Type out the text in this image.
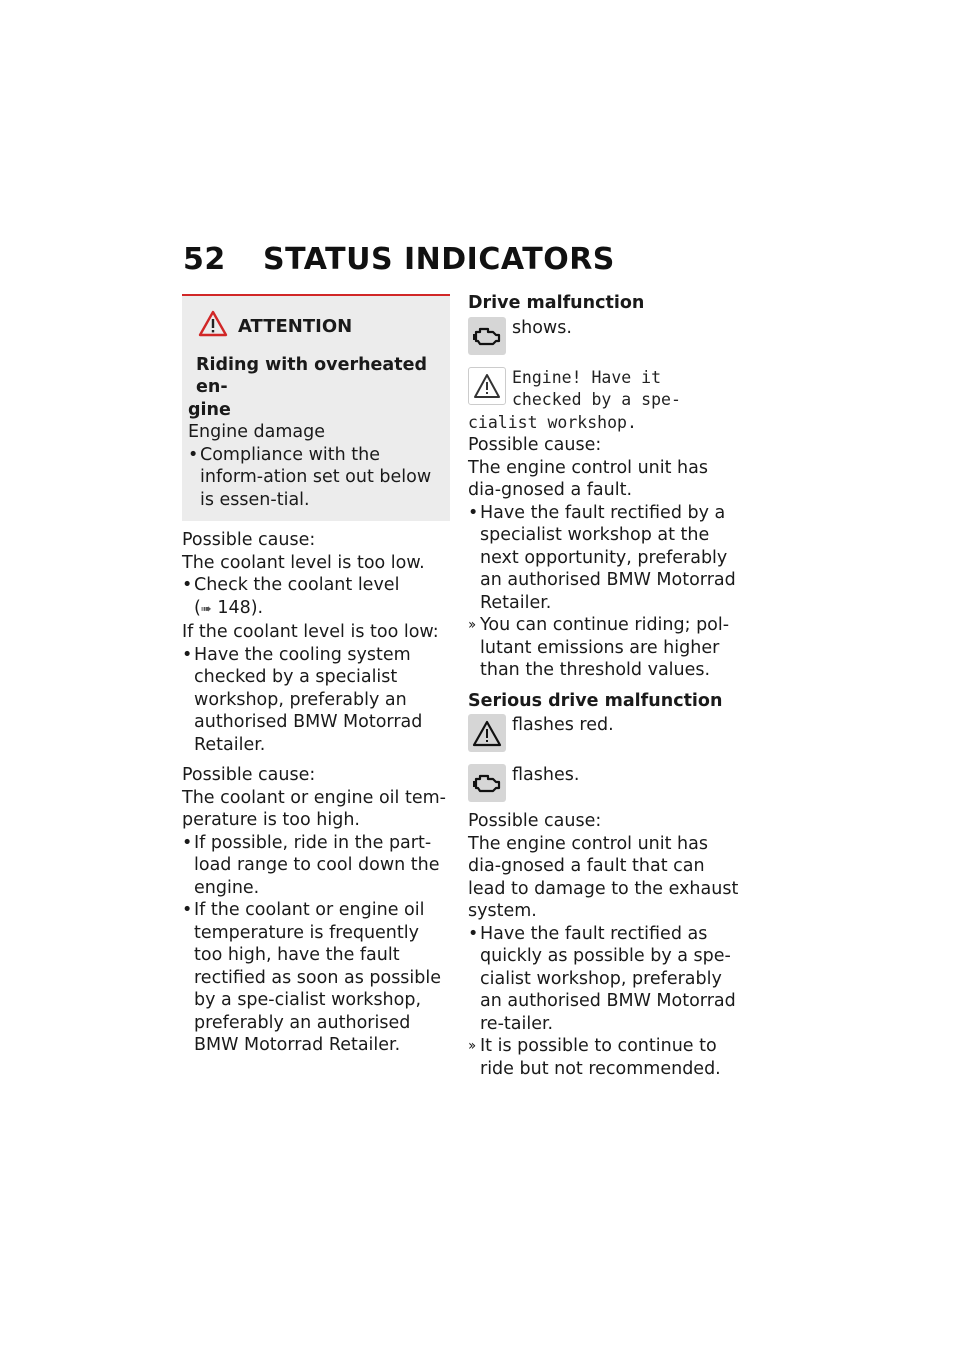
52 STATUS INDICATORS
ATTENTION

Riding with overheated en-

gine

Engine damage

• Compliance with the inform-ation set out below is essen-tial.

Possible cause:

The coolant level is too low.

• Check the coolant level

(➠ 148).

If the coolant level is too low:

• Have the cooling system checked by a specialist workshop, preferably an authorised BMW Motorrad Retailer.

Possible cause:

The coolant or engine oil tem-perature is too high.

• If possible, ride in the part-load range to cool down the engine.

• If the coolant or engine oil temperature is frequently too high, have the fault rectified as soon as possible by a spe-cialist workshop, preferably an authorised BMW Motorrad Retailer.

Drive malfunction

shows.

Engine! Have it

checked by a spe-

cialist workshop.

Possible cause:

The engine control unit has dia-gnosed a fault.

• Have the fault rectified by a specialist workshop at the next opportunity, preferably an authorised BMW Motorrad Retailer.

›› You can continue riding; pol-lutant emissions are higher than the threshold values.

Serious drive malfunction

flashes red.
flashes.

Possible cause:

The engine control unit has dia-gnosed a fault that can lead to damage to the exhaust system.

• Have the fault rectified as quickly as possible by a spe-cialist workshop, preferably an authorised BMW Motorrad re-tailer.

›› It is possible to continue to ride but not recommended.
